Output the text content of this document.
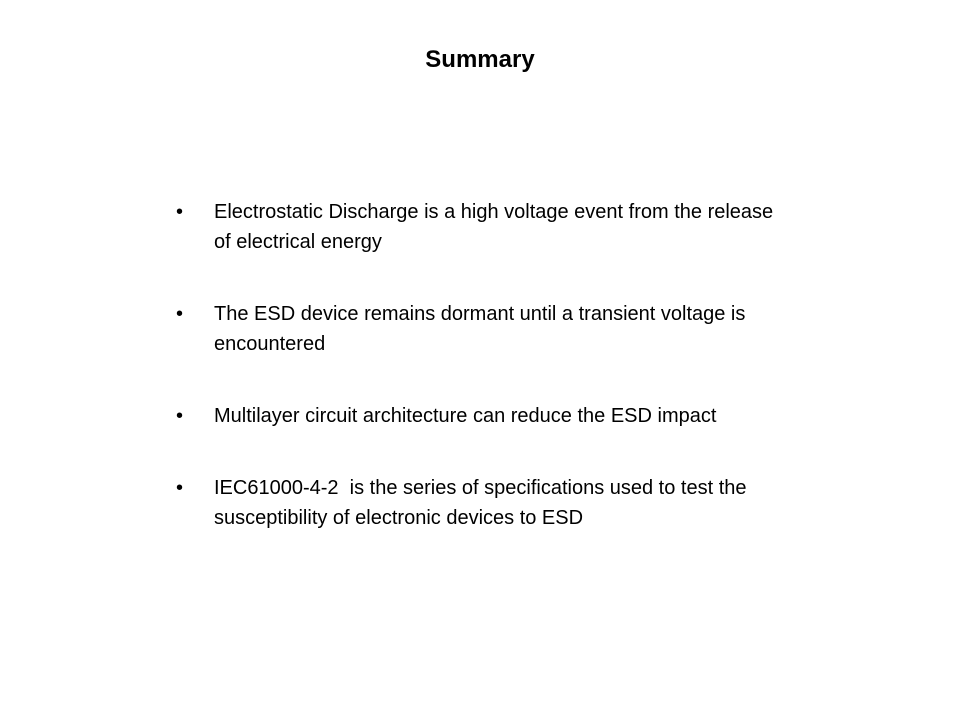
Summary
•	Electrostatic Discharge is a high voltage event from the release of electrical energy
•	The ESD device remains dormant until a transient voltage is encountered
•	Multilayer circuit architecture can reduce the ESD impact
•	IEC61000-4-2  is the series of specifications used to test the susceptibility of electronic devices to ESD
